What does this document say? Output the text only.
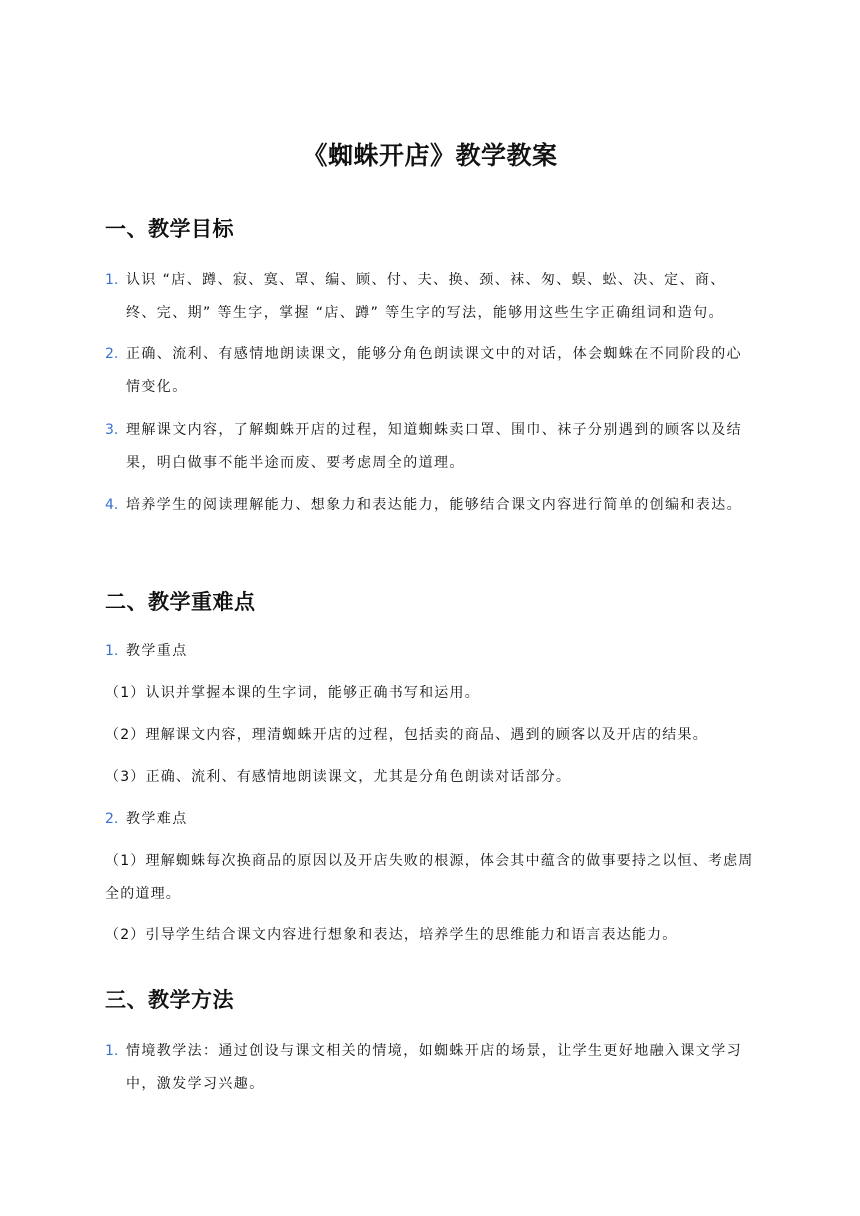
《蜘蛛开店》教学教案
一、教学目标
1. 认识 “店、蹲、寂、寞、罩、编、顾、付、夫、换、颈、袜、匆、蜈、蚣、决、定、商、终、完、期” 等生字，掌握 “店、蹲” 等生字的写法，能够用这些生字正确组词和造句。
2. 正确、流利、有感情地朗读课文，能够分角色朗读课文中的对话，体会蜘蛛在不同阶段的心情变化。
3. 理解课文内容，了解蜘蛛开店的过程，知道蜘蛛卖口罩、围巾、袜子分别遇到的顾客以及结果，明白做事不能半途而废、要考虑周全的道理。
4. 培养学生的阅读理解能力、想象力和表达能力，能够结合课文内容进行简单的创编和表达。
二、教学重难点
1. 教学重点
（1）认识并掌握本课的生字词，能够正确书写和运用。
（2）理解课文内容，理清蜘蛛开店的过程，包括卖的商品、遇到的顾客以及开店的结果。
（3）正确、流利、有感情地朗读课文，尤其是分角色朗读对话部分。
2. 教学难点
（1）理解蜘蛛每次换商品的原因以及开店失败的根源，体会其中蕴含的做事要持之以恒、考虑周全的道理。
（2）引导学生结合课文内容进行想象和表达，培养学生的思维能力和语言表达能力。
三、教学方法
1. 情境教学法：通过创设与课文相关的情境，如蜘蛛开店的场景，让学生更好地融入课文学习中，激发学习兴趣。
